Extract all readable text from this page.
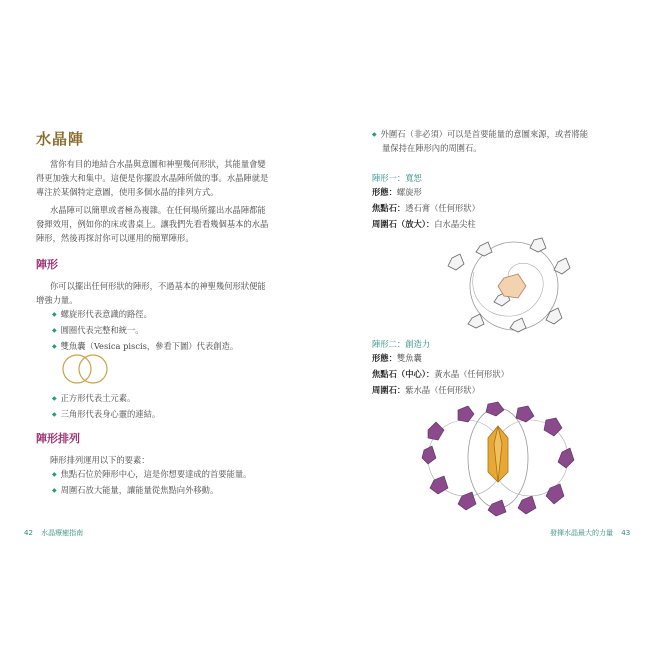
水晶陣
當你有目的地結合水晶與意圖和神聖幾何形狀，其能量會變
得更加強大和集中。這便是你擺設水晶陣所做的事。水晶陣就是
專注於某個特定意圖，使用多個水晶的排列方式。
水晶陣可以簡單或者極為複雜。在任何場所擺出水晶陣都能
發揮效用，例如你的床或書桌上。讓我們先看看幾個基本的水晶
陣形，然後再探討你可以運用的簡單陣形。
陣形
你可以擺出任何形狀的陣形，不過基本的神聖幾何形狀便能
增強力量。
◆ 螺旋形代表意識的路徑。
◆ 圓圈代表完整和統一。
◆ 雙魚囊（Vesica piscis，參看下圖）代表創造。
◆ 正方形代表土元素。
◆ 三角形代表身心靈的連結。
陣形排列
陣形排列運用以下的要素：
◆ 焦點石位於陣形中心，這是你想要達成的首要能量。
◆ 周圍石放大能量，讓能量從焦點向外移動。
42 水晶療癒指南
◆ 外圍石（非必須）可以是首要能量的意圖來源，或者將能
量保持在陣形內的周圍石。
陣形一：寬恕
形態：螺旋形
焦點石：透石膏（任何形狀）
周圍石（放大）：白水晶尖柱
陣形二：創造力
形態：雙魚囊
焦點石（中心）：黃水晶（任何形狀）
周圍石：紫水晶（任何形狀）
發揮水晶最大的力量 43
